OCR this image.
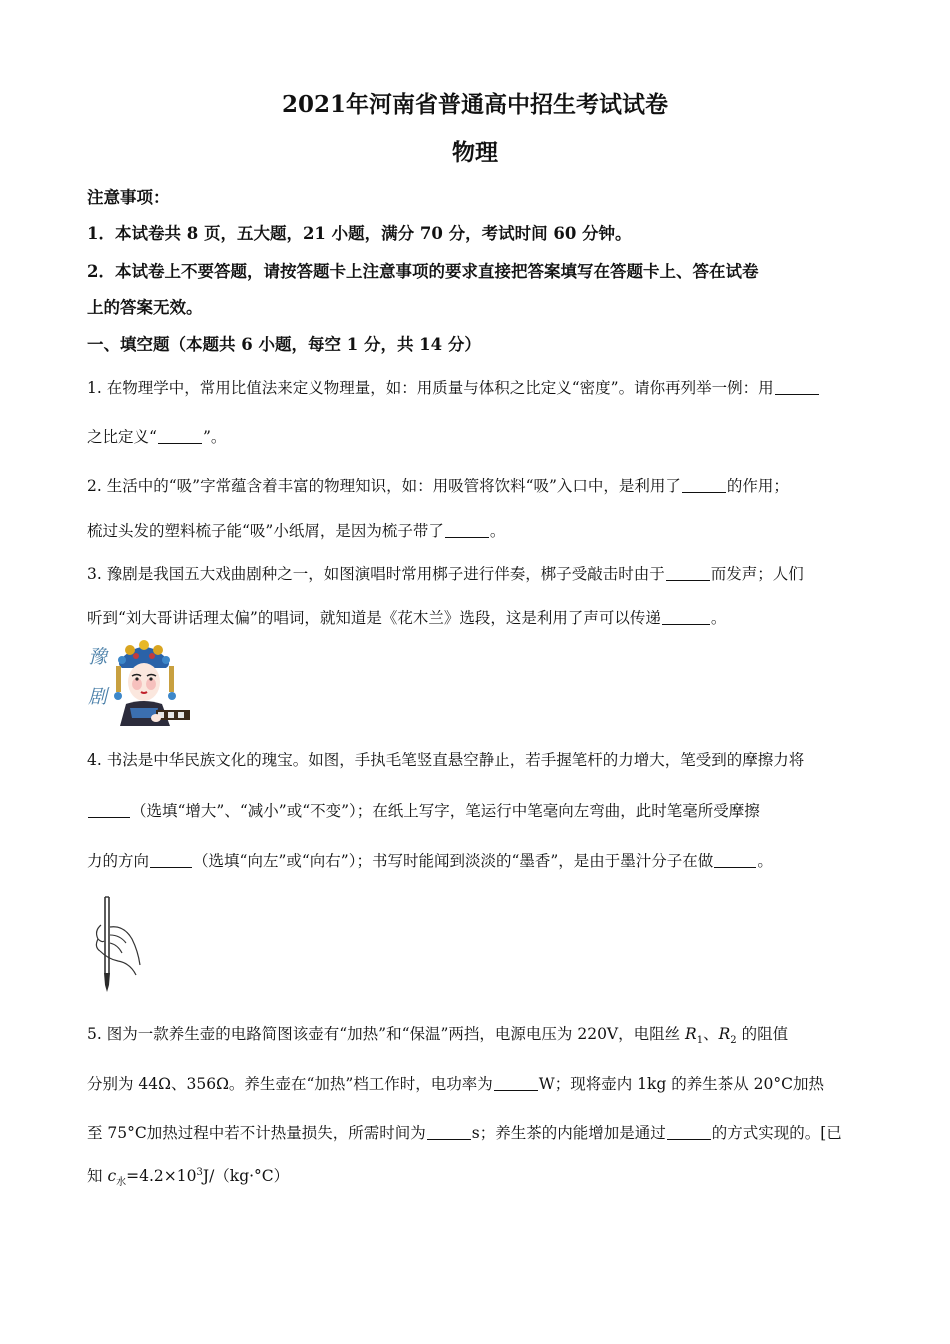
2021年河南省普通高中招生考试试卷
物理
注意事项：
1．本试卷共 8 页，五大题，21 小题，满分 70 分，考试时间 60 分钟。
2．本试卷上不要答题，请按答题卡上注意事项的要求直接把答案填写在答题卡上、答在试卷
上的答案无效。
一、填空题（本题共 6 小题，每空 1 分，共 14 分）
1. 在物理学中，常用比值法来定义物理量，如：用质量与体积之比定义“密度”。请你再列举一例：用
之比定义“	”。
2. 生活中的“吸”字常蕴含着丰富的物理知识，如：用吸管将饮料“吸”入口中，是利用了	的作用；
梳过头发的塑料梳子能“吸”小纸屑，是因为梳子带了	。
3. 豫剧是我国五大戏曲剧种之一，如图演唱时常用梆子进行伴奏，梆子受敲击时由于	而发声；人们
听到“刘大哥讲话理太偏”的唱词，就知道是《花木兰》选段，这是利用了声可以传递	。
豫
剧
4. 书法是中华民族文化的瑰宝。如图，手执毛笔竖直悬空静止，若手握笔杆的力增大，笔受到的摩擦力将
（选填“增大”、“减小”或“不变”）；在纸上写字，笔运行中笔毫向左弯曲，此时笔毫所受摩擦
力的方向	（选填“向左”或“向右”）；书写时能闻到淡淡的“墨香”，是由于墨汁分子在做	。
5. 图为一款养生壶的电路简图该壶有“加热”和“保温”两挡，电源电压为 220V，电阻丝 $R_1$、$R_2$ 的阻值
分别为 44Ω、356Ω。养生壶在“加热”档工作时，电功率为	W；现将壶内 1kg 的养生茶从 20°C加热
至 75°C加热过程中若不计热量损失，所需时间为	s；养生茶的内能增加是通过	的方式实现的。[已
知 $c_水=4.2\times 10^3J/(kg\cdot^\circ C)$
